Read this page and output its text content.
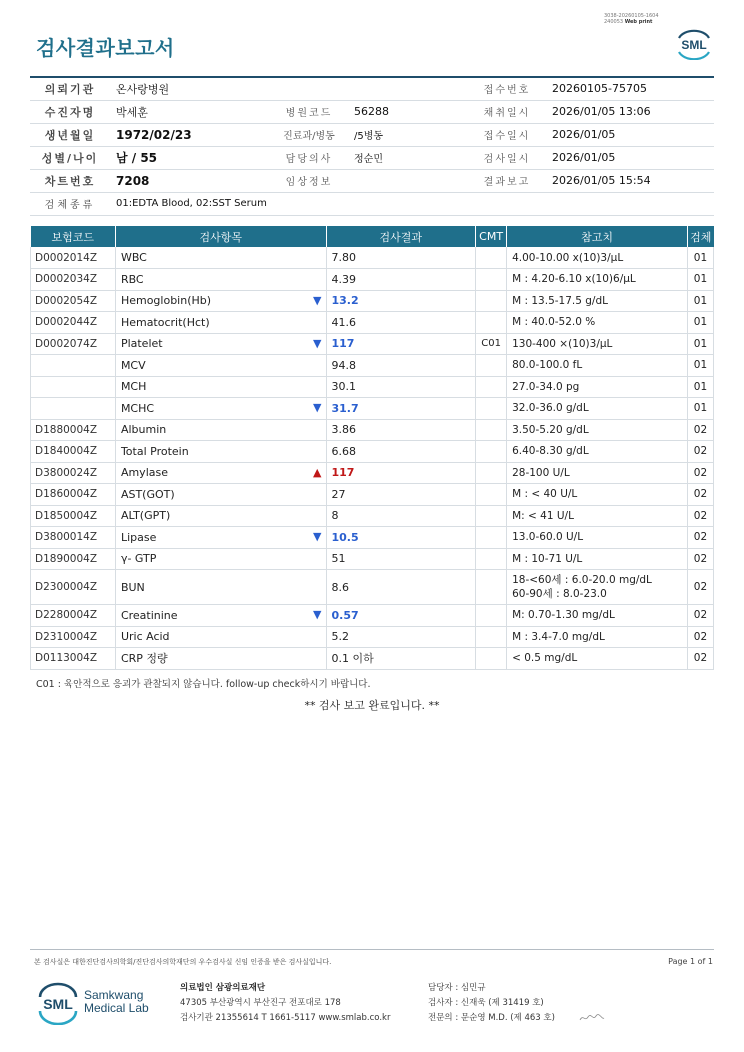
3038-20260105-1604
240053 Web print
검사결과보고서	SML
의뢰기관	온사랑병원			접수번호	20260105-75705
수진자명	박세훈	병원코드	56288	채취일시	2026/01/05 13:06
생년월일	1972/02/23	진료과/병동	/5병동	접수일시	2026/01/05
성별/나이	남 / 55	담당의사	정순민	검사일시	2026/01/05
차트번호	7208	임상정보		결과보고	2026/01/05 15:54
검체종류	01:EDTA Blood, 02:SST Serum				
보험코드	검사항목	검사결과	CMT	참고치	검체
D0002014Z	WBC	7.80		4.00-10.00 x(10)3/μL	01
D0002034Z	RBC	4.39		M : 4.20-6.10 x(10)6/μL	01
D0002054Z	Hemoglobin(Hb) ▼	13.2		M : 13.5-17.5 g/dL	01
D0002044Z	Hematocrit(Hct)	41.6		M : 40.0-52.0 %	01
D0002074Z	Platelet ▼	117	C01	130-400 ×(10)3/μL	01
	MCV	94.8		80.0-100.0 fL	01
	MCH	30.1		27.0-34.0 pg	01
	MCHC ▼	31.7		32.0-36.0 g/dL	01
D1880004Z	Albumin	3.86		3.50-5.20 g/dL	02
D1840004Z	Total Protein	6.68		6.40-8.30 g/dL	02
D3800024Z	Amylase ▲	117		28-100 U/L	02
D1860004Z	AST(GOT)	27		M : < 40 U/L	02
D1850004Z	ALT(GPT)	8		M: < 41 U/L	02
D3800014Z	Lipase ▼	10.5		13.0-60.0 U/L	02
D1890004Z	γ- GTP	51		M : 10-71 U/L	02
D2300004Z	BUN	8.6		18-<60세 : 6.0-20.0 mg/dL
60-90세 : 8.0-23.0	02
D2280004Z	Creatinine ▼	0.57		M: 0.70-1.30 mg/dL	02
D2310004Z	Uric Acid	5.2		M : 3.4-7.0 mg/dL	02
D0113004Z	CRP 정량	0.1 이하		< 0.5 mg/dL	02
C01 : 육안적으로 응괴가 관찰되지 않습니다. follow-up check하시기 바랍니다.
** 검사 보고 완료입니다. **
본 검사실은 대한진단검사의학회/진단검사의학재단의 우수검사실 신임 인증을 받은 검사실입니다.	Page 1 of 1
SML
Samkwang
Medical Lab
의료법인 삼광의료재단
47305 부산광역시 부산진구 전포대로 178
검사기관 21355614 T 1661-5117 www.smlab.co.kr
담당자 : 심민규
검사자 : 신재욱 (제 31419 호)
전문의 : 문순영 M.D. (제 463 호)
